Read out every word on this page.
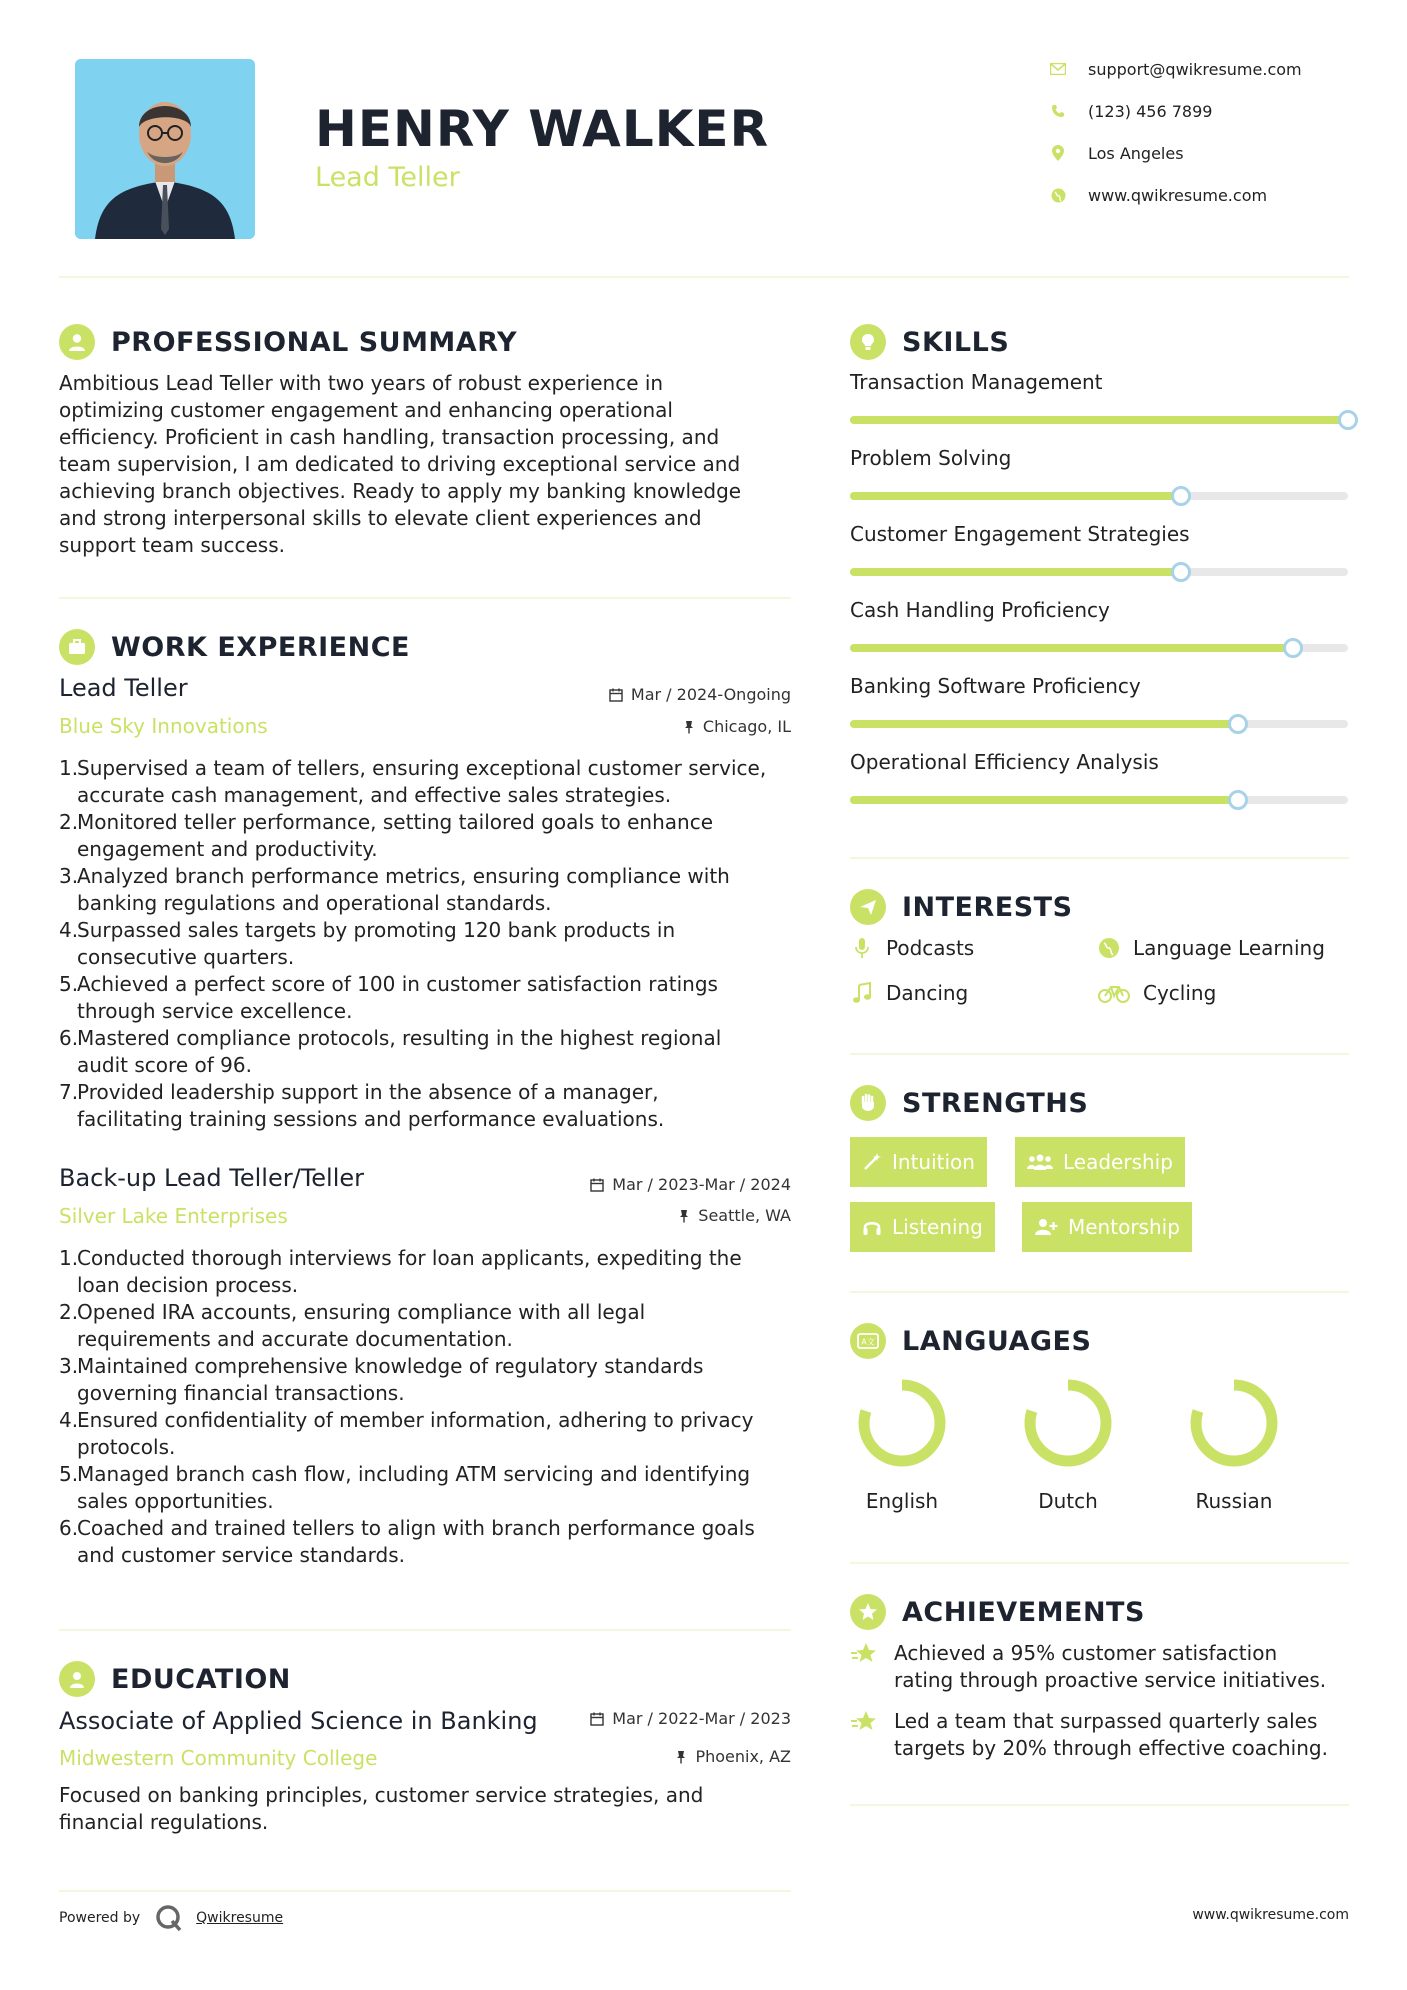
HENRY WALKER
Lead Teller
support@qwikresume.com
(123) 456 7899
Los Angeles
www.qwikresume.com
PROFESSIONAL SUMMARY
Ambitious Lead Teller with two years of robust experience in
optimizing customer engagement and enhancing operational
efficiency. Proficient in cash handling, transaction processing, and
team supervision, I am dedicated to driving exceptional service and
achieving branch objectives. Ready to apply my banking knowledge
and strong interpersonal skills to elevate client experiences and
support team success.
WORK EXPERIENCE
Lead Teller	Mar / 2024-Ongoing
Blue Sky Innovations	Chicago, IL
1.
Supervised a team of tellers, ensuring exceptional customer service,
accurate cash management, and effective sales strategies.
2.
Monitored teller performance, setting tailored goals to enhance
engagement and productivity.
3.
Analyzed branch performance metrics, ensuring compliance with
banking regulations and operational standards.
4.
Surpassed sales targets by promoting 120 bank products in
consecutive quarters.
5.
Achieved a perfect score of 100 in customer satisfaction ratings
through service excellence.
6.
Mastered compliance protocols, resulting in the highest regional
audit score of 96.
7.
Provided leadership support in the absence of a manager,
facilitating training sessions and performance evaluations.
Back-up Lead Teller/Teller	Mar / 2023-Mar / 2024
Silver Lake Enterprises	Seattle, WA
1.
Conducted thorough interviews for loan applicants, expediting the
loan decision process.
2.
Opened IRA accounts, ensuring compliance with all legal
requirements and accurate documentation.
3.
Maintained comprehensive knowledge of regulatory standards
governing financial transactions.
4.
Ensured confidentiality of member information, adhering to privacy
protocols.
5.
Managed branch cash flow, including ATM servicing and identifying
sales opportunities.
6.
Coached and trained tellers to align with branch performance goals
and customer service standards.
EDUCATION
Associate of Applied Science in Banking	Mar / 2022-Mar / 2023
Midwestern Community College	Phoenix, AZ
Focused on banking principles, customer service strategies, and
financial regulations.
Powered by	Qwikresume	www.qwikresume.com
SKILLS
Transaction Management
Problem Solving
Customer Engagement Strategies
Cash Handling Proficiency
Banking Software Proficiency
Operational Efficiency Analysis
INTERESTS
Podcasts	Language Learning
Dancing	Cycling
STRENGTHS
Intuition	Leadership
Listening	Mentorship
A文 LANGUAGES
English	Dutch	Russian
ACHIEVEMENTS
Achieved a 95% customer satisfaction
rating through proactive service initiatives.
Led a team that surpassed quarterly sales
targets by 20% through effective coaching.
